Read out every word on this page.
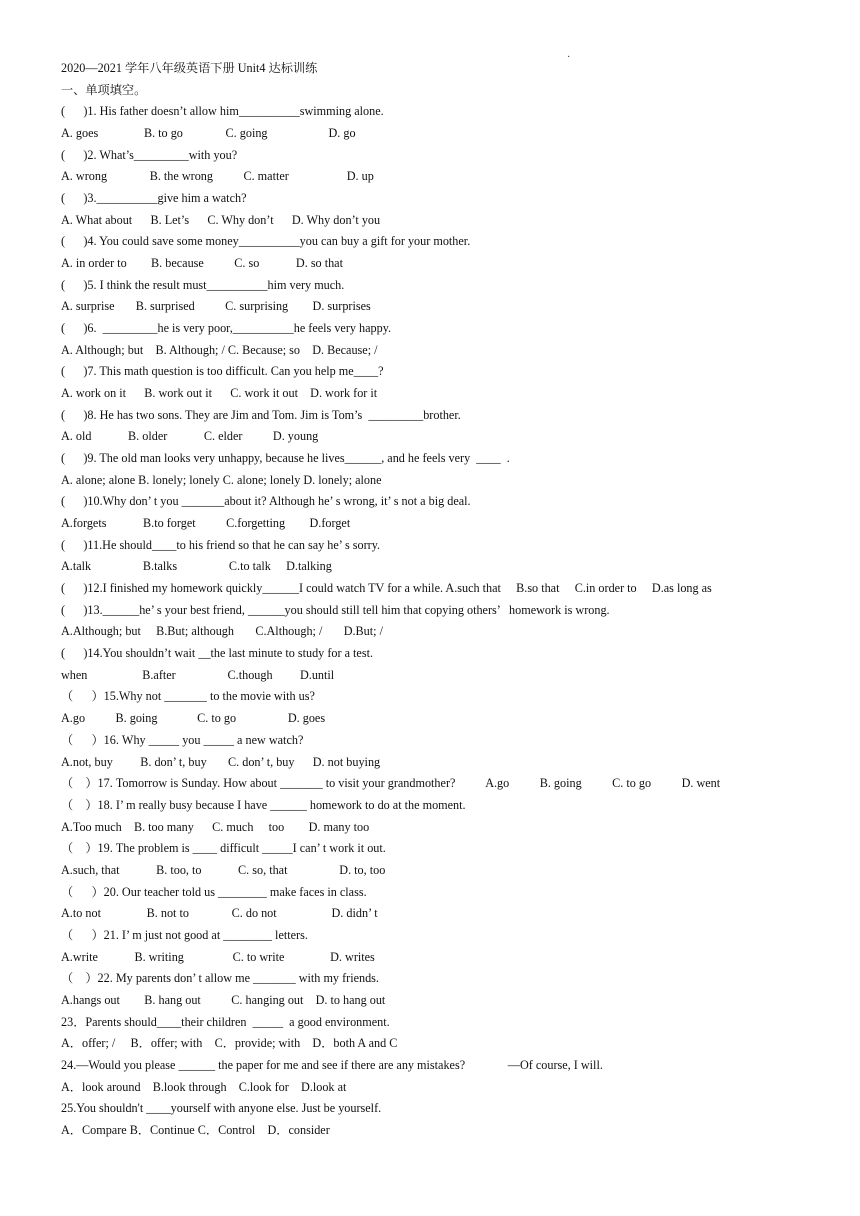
·
2020—2021 学年八年级英语下册 Unit4 达标训练
一、单项填空。
(      )1. His father doesn’t allow him__________swimming alone.
A. goes               B. to go              C. going                    D. go
(      )2. What’s_________with you?
A. wrong              B. the wrong          C. matter                   D. up
(      )3.__________give him a watch?
A. What about      B. Let’s      C. Why don’t      D. Why don’t you
(      )4. You could save some money__________you can buy a gift for your mother.
A. in order to        B. because          C. so            D. so that
(      )5. I think the result must__________him very much.
A. surprise       B. surprised          C. surprising        D. surprises
(      )6.  _________he is very poor,__________he feels very happy.
A. Although; but    B. Although; / C. Because; so    D. Because; /
(      )7. This math question is too difficult. Can you help me____?
A. work on it      B. work out it      C. work it out    D. work for it
(      )8. He has two sons. They are Jim and Tom. Jim is Tom’s  _________brother.
A. old            B. older            C. elder          D. young
(      )9. The old man looks very unhappy, because he lives______, and he feels very  ____  .
A. alone; alone B. lonely; lonely C. alone; lonely D. lonely; alone
(      )10.Why don’ t you _______about it? Although he’ s wrong, it’ s not a big deal.
A.forgets            B.to forget          C.forgetting        D.forget
(      )11.He should____to his friend so that he can say he’ s sorry.
A.talk                 B.talks                 C.to talk     D.talking
(      )12.I finished my homework quickly______I could watch TV for a while. A.such that     B.so that     C.in order to     D.as long as
(      )13.______he’ s your best friend, ______you should still tell him that copying others’   homework is wrong.
A.Although; but     B.But; although       C.Although; /       D.But; /
(      )14.You shouldn’t wait __the last minute to study for a test.
when                  B.after                 C.though         D.until
（      ）15.Why not _______ to the movie with us?
A.go          B. going             C. to go                 D. goes
（      ）16. Why _____ you _____ a new watch?
A.not, buy         B. don’ t, buy       C. don’ t, buy      D. not buying
（    ）17. Tomorrow is Sunday. How about _______ to visit your grandmother?          A.go          B. going          C. to go          D. went
（    ）18. I’ m really busy because I have ______ homework to do at the moment.
A.Too much    B. too many      C. much     too        D. many too
（    ）19. The problem is ____ difficult _____I can’ t work it out.
A.such, that            B. too, to            C. so, that                 D. to, too
（      ）20. Our teacher told us ________ make faces in class.
A.to not               B. not to              C. do not                  D. didn’ t
（      ）21. I’ m just not good at ________ letters.
A.write            B. writing                C. to write               D. writes
（    ）22. My parents don’ t allow me _______ with my friends.
A.hangs out        B. hang out          C. hanging out    D. to hang out
23．Parents should____their children  _____  a good environment.
A．offer; /     B．offer; with    C．provide; with    D．both A and C
24.—Would you please ______ the paper for me and see if there are any mistakes?              —Of course, I will.
A．look around    B.look through    C.look for    D.look at
25.You shouldn't ____yourself with anyone else. Just be yourself.
A．Compare B．Continue C．Control    D．consider
